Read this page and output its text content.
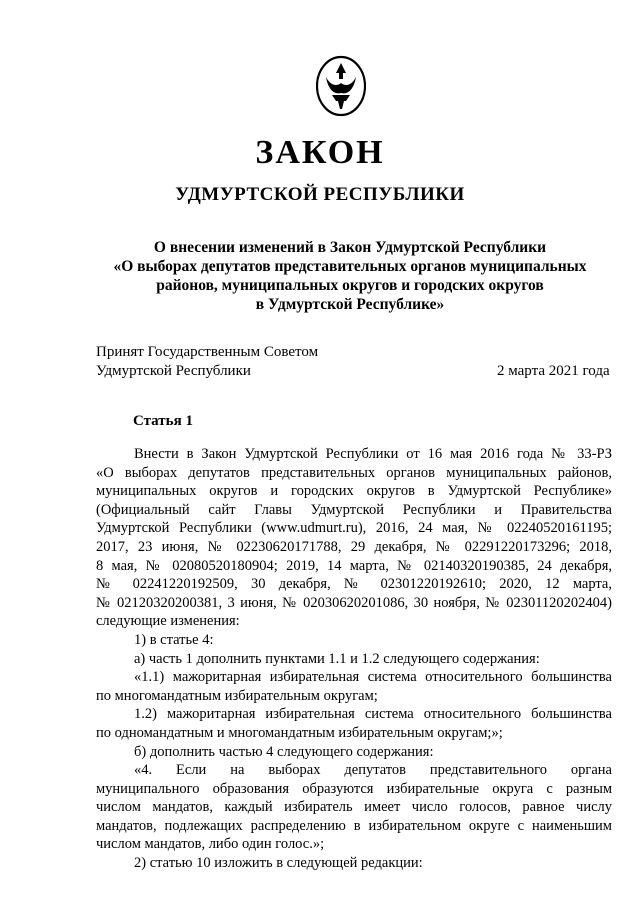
ЗАКОН
УДМУРТСКОЙ РЕСПУБЛИКИ
О внесении изменений в Закон Удмуртской Республики
«О выборах депутатов представительных органов муниципальных
районов, муниципальных округов и городских округов
в Удмуртской Республике»
Принят Государственным Советом
Удмуртской Республики	2 марта 2021 года
Статья 1
Внести в Закон Удмуртской Республики от 16 мая 2016 года № 33-РЗ
«О выборах депутатов представительных органов муниципальных районов,
муниципальных округов и городских округов в Удмуртской Республике»
(Официальный сайт Главы Удмуртской Республики и Правительства
Удмуртской Республики (www.udmurt.ru), 2016, 24 мая, № 02240520161195;
2017, 23 июня, № 02230620171788, 29 декабря, № 02291220173296; 2018,
8 мая, № 02080520180904; 2019, 14 марта, № 02140320190385, 24 декабря,
№ 02241220192509, 30 декабря, № 02301220192610; 2020, 12 марта,
№ 02120320200381, 3 июня, № 02030620201086, 30 ноября, № 02301120202404)
следующие изменения:
1) в статье 4:
а) часть 1 дополнить пунктами 1.1 и 1.2 следующего содержания:
«1.1) мажоритарная избирательная система относительного большинства
по многомандатным избирательным округам;
1.2) мажоритарная избирательная система относительного большинства
по одномандатным и многомандатным избирательным округам;»;
б) дополнить частью 4 следующего содержания:
«4. Если на выборах депутатов представительного органа
муниципального образования образуются избирательные округа с разным
числом мандатов, каждый избиратель имеет число голосов, равное числу
мандатов, подлежащих распределению в избирательном округе с наименьшим
числом мандатов, либо один голос.»;
2) статью 10 изложить в следующей редакции:
